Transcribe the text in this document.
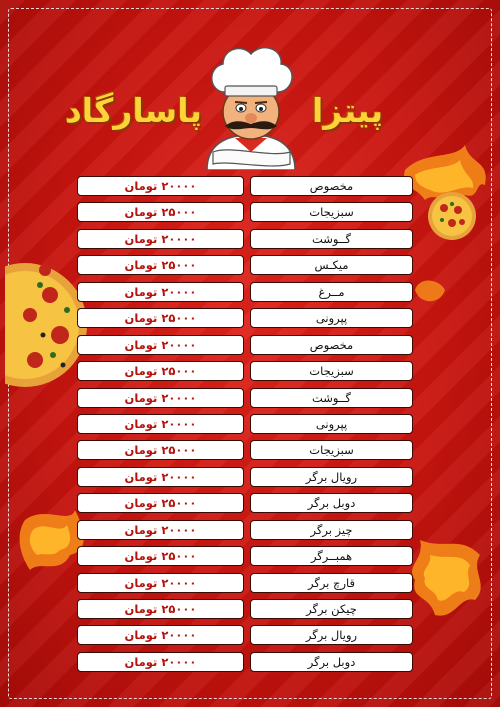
پیتزا
پاسارگاد
۲۰۰۰۰ تومان	مخصوص
۲۵۰۰۰ تومان	سبزیجات
۲۰۰۰۰ تومان	گــوشت
۲۵۰۰۰ تومان	میکـس
۲۰۰۰۰ تومان	مــرغ
۲۵۰۰۰ تومان	پپرونی
۲۰۰۰۰ تومان	مخصوص
۲۵۰۰۰ تومان	سبزیجات
۲۰۰۰۰ تومان	گــوشت
۲۰۰۰۰ تومان	پپرونی
۲۵۰۰۰ تومان	سبزیجات
۲۰۰۰۰ تومان	رویال برگر
۲۵۰۰۰ تومان	دوبل برگر
۲۰۰۰۰ تومان	چیز برگر
۲۵۰۰۰ تومان	همبــرگر
۲۰۰۰۰ تومان	قارچ برگر
۲۵۰۰۰ تومان	چیکن برگر
۲۰۰۰۰ تومان	رویال برگر
۲۰۰۰۰ تومان	دوبل برگر
